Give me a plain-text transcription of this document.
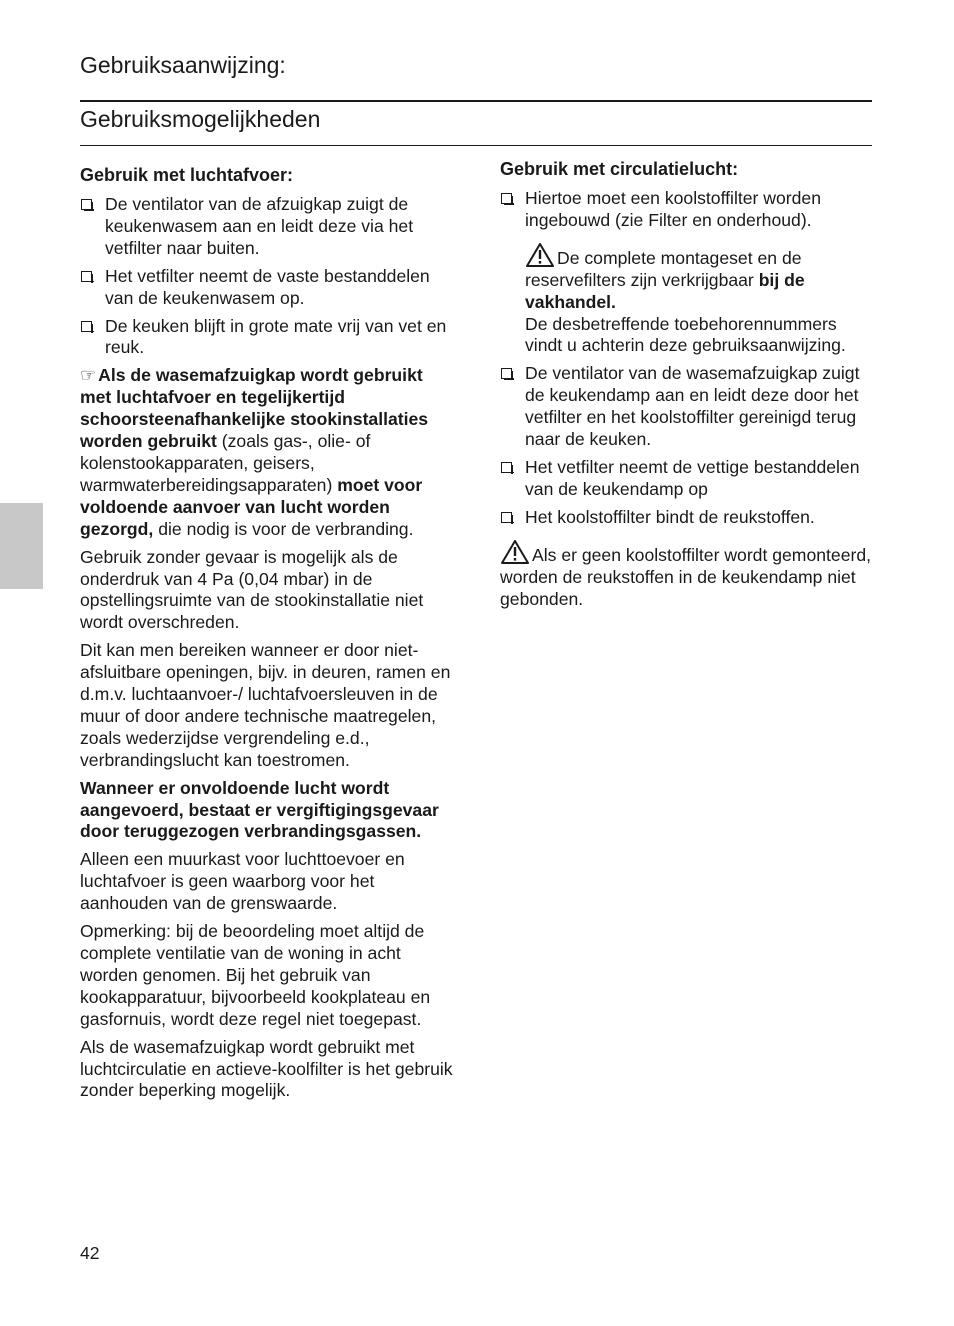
Gebruiksaanwijzing:
Gebruiksmogelijkheden
Gebruik met luchtafvoer:
De ventilator van de afzuigkap zuigt de keukenwasem aan en leidt deze via het vetfilter naar buiten.
Het vetfilter neemt de vaste bestanddelen van de keukenwasem op.
De keuken blijft in grote mate vrij van vet en reuk.

☞ Als de wasemafzuigkap wordt gebruikt met luchtafvoer en tegelijkertijd schoorsteenafhankelijke stookinstallaties worden gebruikt (zoals gas-, olie- of kolenstookapparaten, geisers, warmwaterbereidingsapparaten) moet voor voldoende aanvoer van lucht worden gezorgd, die nodig is voor de verbranding.

Gebruik zonder gevaar is mogelijk als de onderdruk van 4 Pa (0,04 mbar) in de opstellingsruimte van de stookinstallatie niet wordt overschreden.

Dit kan men bereiken wanneer er door niet-afsluitbare openingen, bijv. in deuren, ramen en d.m.v. luchtaanvoer-/ luchtafvoersleuven in de muur of door andere technische maatregelen, zoals wederzijdse vergrendeling e.d., verbrandingslucht kan toestromen.

Wanneer er onvoldoende lucht wordt aangevoerd, bestaat er vergiftigingsgevaar door teruggezogen verbrandingsgassen.

Alleen een muurkast voor luchttoevoer en luchtafvoer is geen waarborg voor het aanhouden van de grenswaarde.

Opmerking: bij de beoordeling moet altijd de complete ventilatie van de woning in acht worden genomen. Bij het gebruik van kookapparatuur, bijvoorbeeld kookplateau en gasfornuis, wordt deze regel niet toegepast.

Als de wasemafzuigkap wordt gebruikt met luchtcirculatie en actieve-koolfilter is het gebruik zonder beperking mogelijk.

Gebruik met circulatielucht:
Hiertoe moet een koolstoffilter worden ingebouwd (zie Filter en onderhoud).

De complete montageset en de reservefilters zijn verkrijgbaar bij de vakhandel.
De desbetreffende toebehorennummers vindt u achterin deze gebruiksaanwijzing.

De ventilator van de wasemafzuigkap zuigt de keukendamp aan en leidt deze door het vetfilter en het koolstoffilter gereinigd terug naar de keuken.
Het vetfilter neemt de vettige bestanddelen van de keukendamp op
Het koolstoffilter bindt de reukstoffen.

Als er geen koolstoffilter wordt gemonteerd, worden de reukstoffen in de keukendamp niet gebonden.

42
